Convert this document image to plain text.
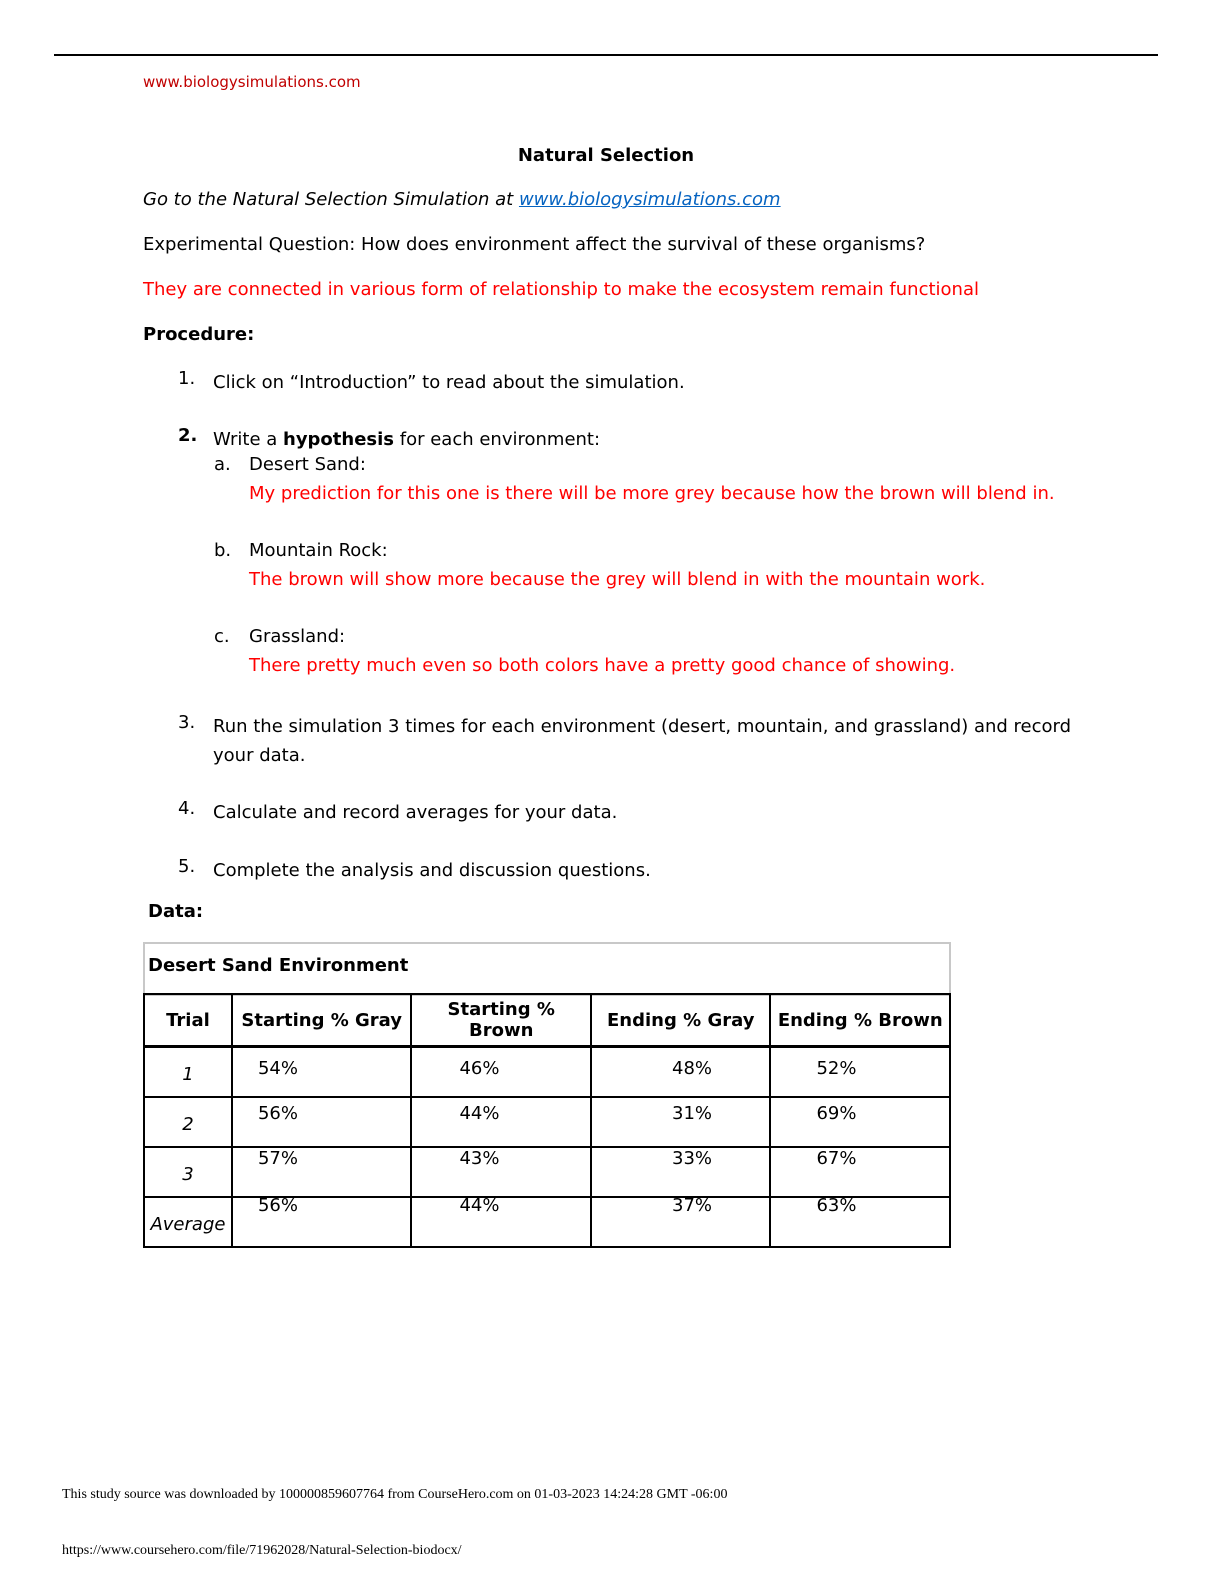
www.biologysimulations.com
Natural Selection
Go to the Natural Selection Simulation at www.biologysimulations.com
Experimental Question: How does environment affect the survival of these organisms?
They are connected in various form of relationship to make the ecosystem remain functional
Procedure:
1. Click on “Introduction” to read about the simulation.
2. Write a hypothesis for each environment:
a. Desert Sand:
My prediction for this one is there will be more grey because how the brown will blend in.
b. Mountain Rock:
The brown will show more because the grey will blend in with the mountain work.
c. Grassland:
There pretty much even so both colors have a pretty good chance of showing.
3. Run the simulation 3 times for each environment (desert, mountain, and grassland) and record your data.
4. Calculate and record averages for your data.
5. Complete the analysis and discussion questions.
Data:
Desert Sand Environment
Trial	Starting % Gray	Starting % Brown	Ending % Gray	Ending % Brown
1	54%	46%	48%	52%

2	56%	44%	31%	69%

3	57%	43%	33%	67%

Average	56%	44%	37%	63%
This study source was downloaded by 100000859607764 from CourseHero.com on 01-03-2023 14:24:28 GMT -06:00
https://www.coursehero.com/file/71962028/Natural-Selection-biodocx/
